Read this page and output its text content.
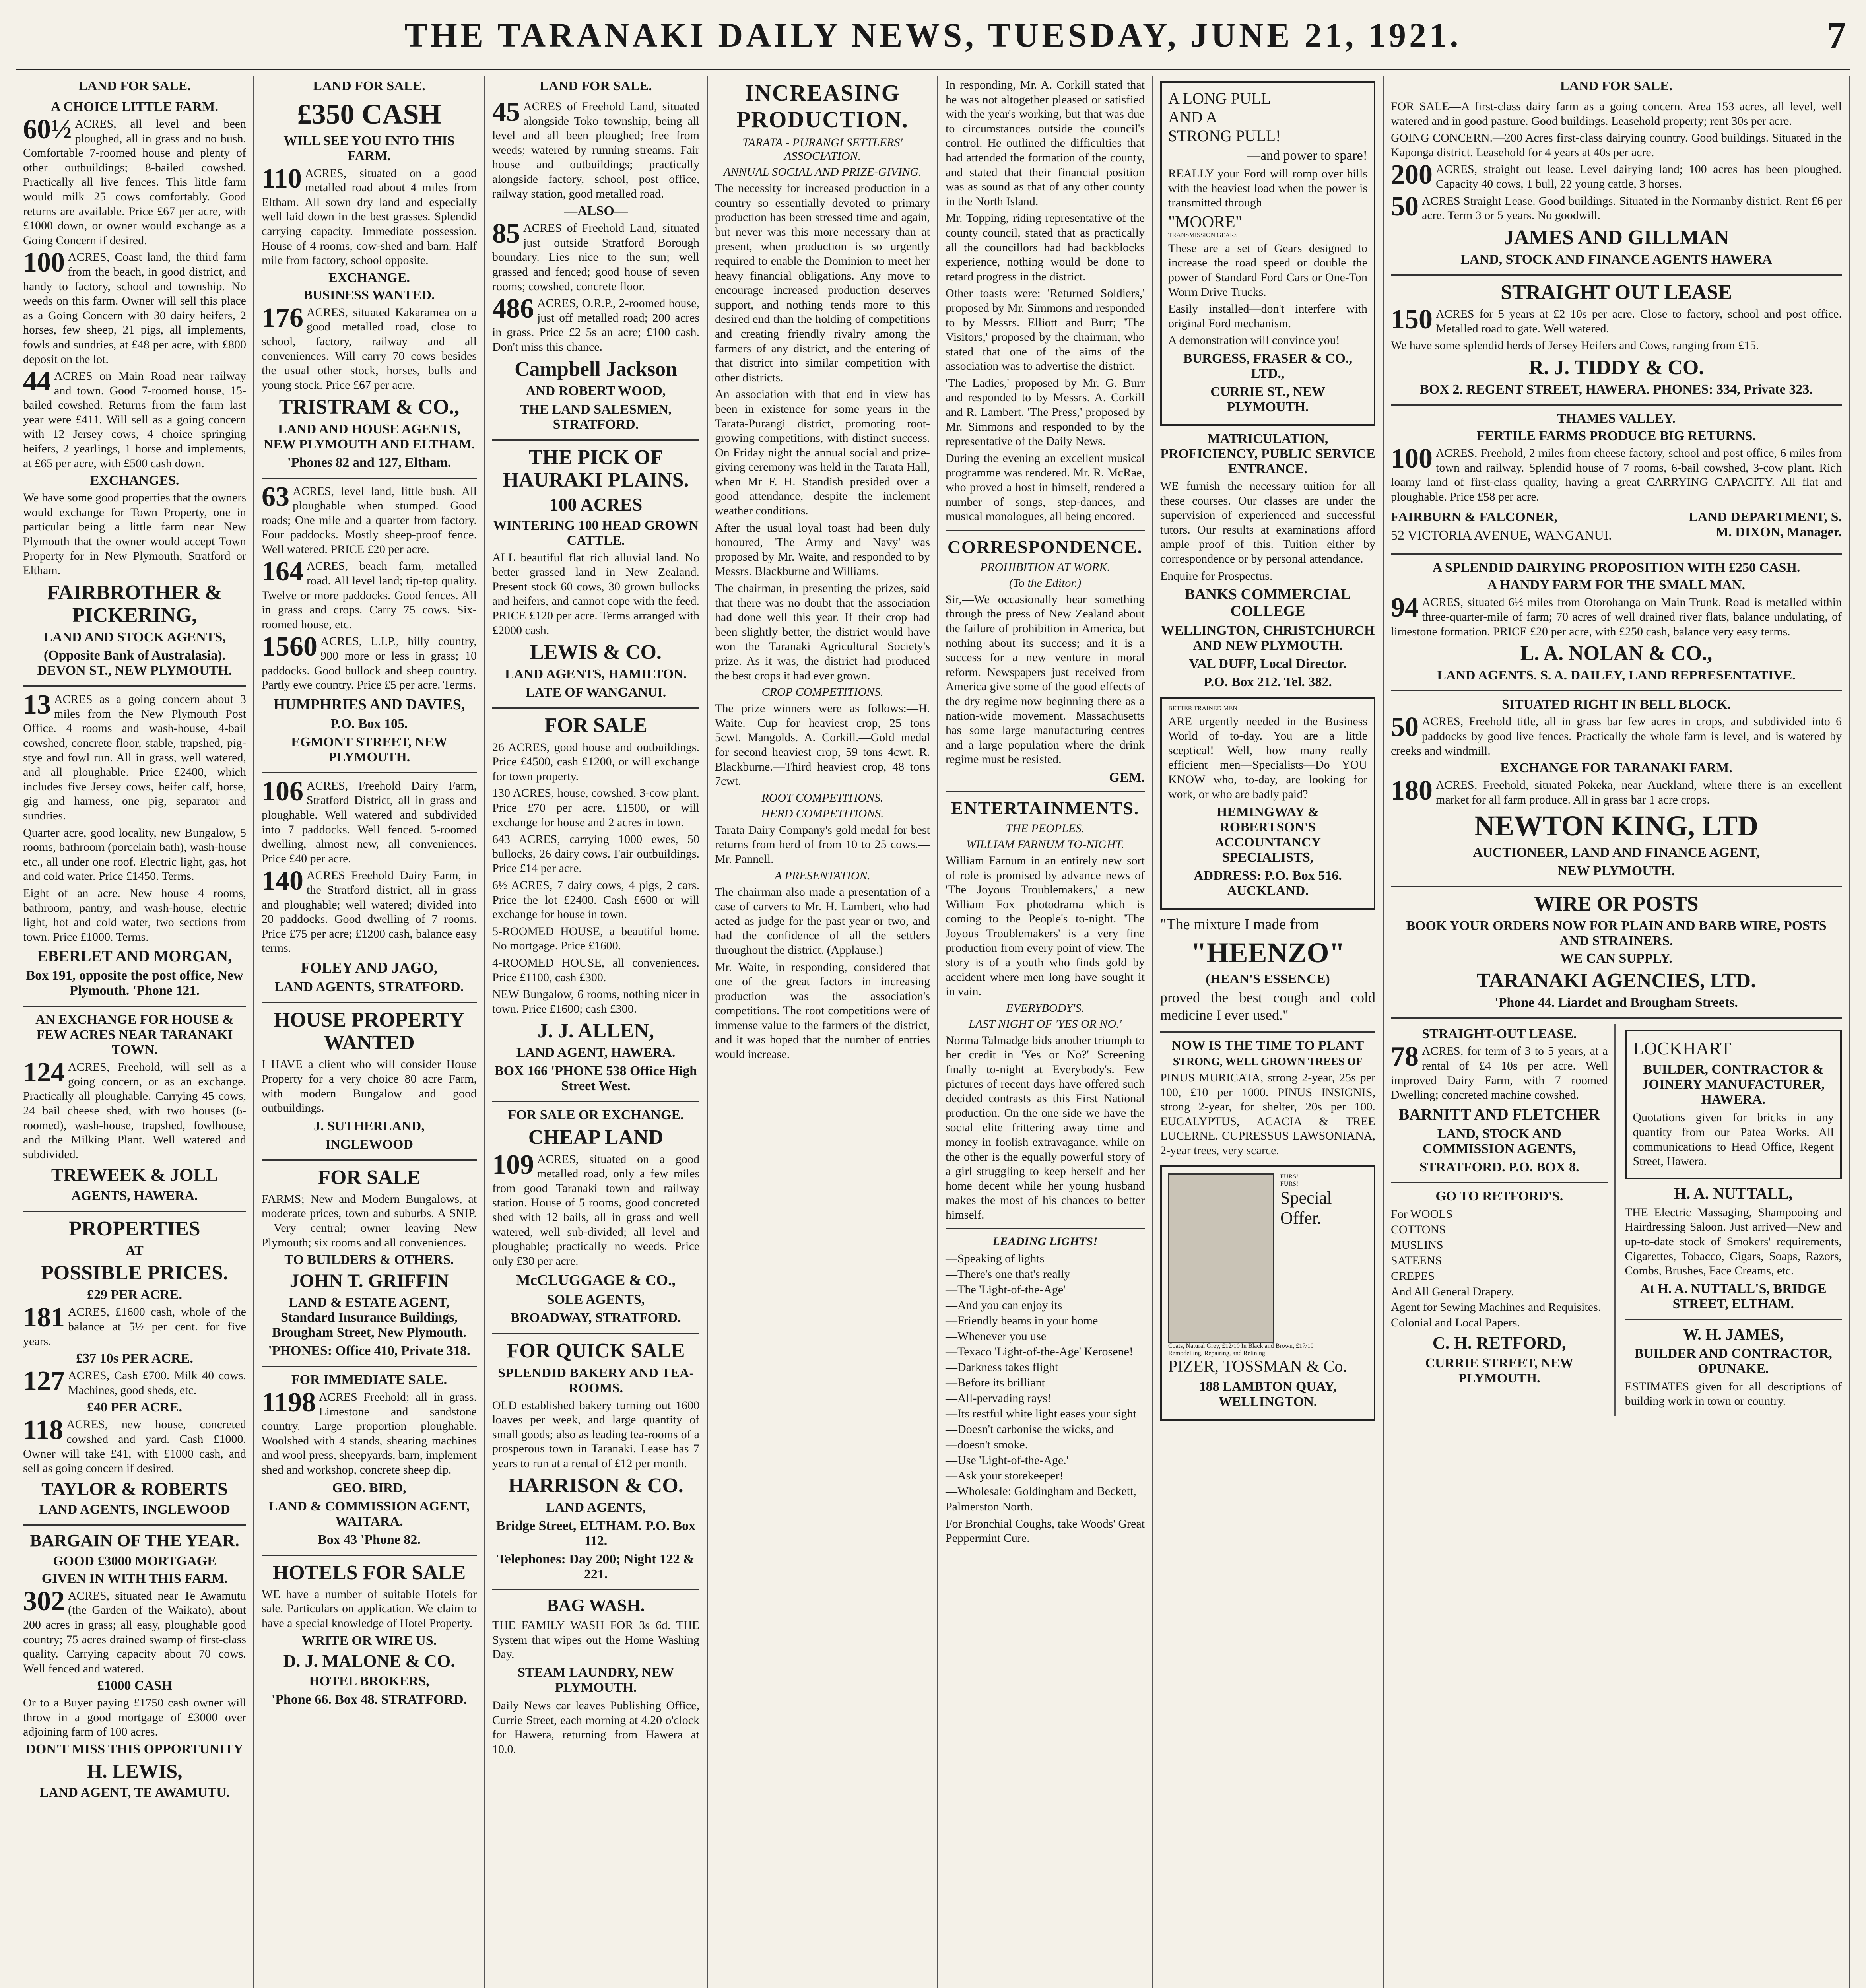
THE TARANAKI DAILY NEWS, TUESDAY, JUNE 21, 1921.	7
LAND FOR SALE.
A CHOICE LITTLE FARM.
60½ ACRES, all level and been ploughed, all in grass and no bush. Comfortable 7-roomed house and plenty of other outbuildings; 8-bailed cowshed. Practically all live fences. This little farm would milk 25 cows comfortably. Good returns are available. Price £67 per acre, with £1000 down, or owner would exchange as a Going Concern if desired.
100 ACRES, Coast land, the third farm from the beach, in good district, and handy to factory, school and township. No weeds on this farm. Owner will sell this place as a Going Concern with 30 dairy heifers, 2 horses, few sheep, 21 pigs, all implements, fowls and sundries, at £48 per acre, with £800 deposit on the lot.
44 ACRES on Main Road near railway and town. Good 7-roomed house, 15-bailed cowshed. Returns from the farm last year were £411. Will sell as a going concern with 12 Jersey cows, 4 choice springing heifers, 2 yearlings, 1 horse and implements, at £65 per acre, with £500 cash down.
EXCHANGES.
We have some good properties that the owners would exchange for Town Property, one in particular being a little farm near New Plymouth that the owner would accept Town Property for in New Plymouth, Stratford or Eltham.
FAIRBROTHER & PICKERING,
LAND AND STOCK AGENTS,
(Opposite Bank of Australasia). DEVON ST., NEW PLYMOUTH.
13 ACRES as a going concern about 3 miles from the New Plymouth Post Office. 4 rooms and wash-house, 4-bail cowshed, concrete floor, stable, trapshed, pig-stye and fowl run. All in grass, well watered, and all ploughable. Price £2400, which includes five Jersey cows, heifer calf, horse, gig and harness, one pig, separator and sundries.
Quarter acre, good locality, new Bungalow, 5 rooms, bathroom (porcelain bath), wash-house etc., all under one roof. Electric light, gas, hot and cold water. Price £1450. Terms.
Eight of an acre. New house 4 rooms, bathroom, pantry, and wash-house, electric light, hot and cold water, two sections from town. Price £1000. Terms.
EBERLET AND MORGAN,
Box 191, opposite the post office, New Plymouth. 'Phone 121.
AN EXCHANGE FOR HOUSE & FEW ACRES NEAR TARANAKI TOWN.
124 ACRES, Freehold, will sell as a going concern, or as an exchange. Practically all ploughable. Carrying 45 cows, 24 bail cheese shed, with two houses (6-roomed), wash-house, trapshed, fowlhouse, and the Milking Plant. Well watered and subdivided.
TREWEEK & JOLL
AGENTS, HAWERA.
PROPERTIES
AT
POSSIBLE PRICES.
£29 PER ACRE.
181 ACRES, £1600 cash, whole of the balance at 5½ per cent. for five years.
£37 10s PER ACRE.
127 ACRES, Cash £700. Milk 40 cows. Machines, good sheds, etc.
£40 PER ACRE.
118 ACRES, new house, concreted cowshed and yard. Cash £1000. Owner will take £41, with £1000 cash, and sell as going concern if desired.
TAYLOR & ROBERTS
LAND AGENTS, INGLEWOOD
BARGAIN OF THE YEAR.
GOOD £3000 MORTGAGE
GIVEN IN WITH THIS FARM.
302 ACRES, situated near Te Awamutu (the Garden of the Waikato), about 200 acres in grass; all easy, ploughable good country; 75 acres drained swamp of first-class quality. Carrying capacity about 70 cows. Well fenced and watered.
£1000 CASH
Or to a Buyer paying £1750 cash owner will throw in a good mortgage of £3000 over adjoining farm of 100 acres.
DON'T MISS THIS OPPORTUNITY
H. LEWIS,
LAND AGENT, TE AWAMUTU.
LAND FOR SALE.
£350 CASH
WILL SEE YOU INTO THIS FARM.
110 ACRES, situated on a good metalled road about 4 miles from Eltham. All sown dry land and especially well laid down in the best grasses. Splendid carrying capacity. Immediate possession. House of 4 rooms, cow-shed and barn. Half mile from factory, school opposite.
EXCHANGE.
BUSINESS WANTED.
176 ACRES, situated Kakaramea on a good metalled road, close to school, factory, railway and all conveniences. Will carry 70 cows besides the usual other stock, horses, bulls and young stock. Price £67 per acre.
TRISTRAM & CO.,
LAND AND HOUSE AGENTS, NEW PLYMOUTH AND ELTHAM.
'Phones 82 and 127, Eltham.
63 ACRES, level land, little bush. All ploughable when stumped. Good roads; One mile and a quarter from factory. Four paddocks. Mostly sheep-proof fence. Well watered. PRICE £20 per acre.
164 ACRES, beach farm, metalled road. All level land; tip-top quality. Twelve or more paddocks. Good fences. All in grass and crops. Carry 75 cows. Six-roomed house, etc.
1560 ACRES, L.I.P., hilly country, 900 more or less in grass; 10 paddocks. Good bullock and sheep country. Partly ewe country. Price £5 per acre. Terms.
HUMPHRIES AND DAVIES,
P.O. Box 105.
EGMONT STREET, NEW PLYMOUTH.
106 ACRES, Freehold Dairy Farm, Stratford District, all in grass and ploughable. Well watered and subdivided into 7 paddocks. Well fenced. 5-roomed dwelling, almost new, all conveniences. Price £40 per acre.
140 ACRES Freehold Dairy Farm, in the Stratford district, all in grass and ploughable; well watered; divided into 20 paddocks. Good dwelling of 7 rooms. Price £75 per acre; £1200 cash, balance easy terms.
FOLEY AND JAGO,
LAND AGENTS, STRATFORD.
HOUSE PROPERTY WANTED
I HAVE a client who will consider House Property for a very choice 80 acre Farm, with modern Bungalow and good outbuildings.
J. SUTHERLAND,
INGLEWOOD
FOR SALE
FARMS; New and Modern Bungalows, at moderate prices, town and suburbs. A SNIP.—Very central; owner leaving New Plymouth; six rooms and all conveniences.
TO BUILDERS & OTHERS.
JOHN T. GRIFFIN
LAND & ESTATE AGENT, Standard Insurance Buildings, Brougham Street, New Plymouth.
'PHONES: Office 410, Private 318.
FOR IMMEDIATE SALE.
1198 ACRES Freehold; all in grass. Limestone and sandstone country. Large proportion ploughable. Woolshed with 4 stands, shearing machines and wool press, sheepyards, barn, implement shed and workshop, concrete sheep dip.
GEO. BIRD,
LAND & COMMISSION AGENT, WAITARA.
Box 43 'Phone 82.
HOTELS FOR SALE
WE have a number of suitable Hotels for sale. Particulars on application. We claim to have a special knowledge of Hotel Property.
WRITE OR WIRE US.
D. J. MALONE & CO.
HOTEL BROKERS,
'Phone 66. Box 48. STRATFORD.
LAND FOR SALE.
45 ACRES of Freehold Land, situated alongside Toko township, being all level and all been ploughed; free from weeds; watered by running streams. Fair house and outbuildings; practically alongside factory, school, post office, railway station, good metalled road.
—ALSO—
85 ACRES of Freehold Land, situated just outside Stratford Borough boundary. Lies nice to the sun; well grassed and fenced; good house of seven rooms; cowshed, concrete floor.
486 ACRES, O.R.P., 2-roomed house, just off metalled road; 200 acres in grass. Price £2 5s an acre; £100 cash. Don't miss this chance.
Campbell Jackson
AND ROBERT WOOD,
THE LAND SALESMEN, STRATFORD.
THE PICK OF HAURAKI PLAINS.
100 ACRES
WINTERING 100 HEAD GROWN CATTLE.
ALL beautiful flat rich alluvial land. No better grassed land in New Zealand. Present stock 60 cows, 30 grown bullocks and heifers, and cannot cope with the feed. PRICE £120 per acre. Terms arranged with £2000 cash.
LEWIS & CO.
LAND AGENTS, HAMILTON.
LATE OF WANGANUI.
FOR SALE
26 ACRES, good house and outbuildings. Price £4500, cash £1200, or will exchange for town property.
130 ACRES, house, cowshed, 3-cow plant. Price £70 per acre, £1500, or will exchange for house and 2 acres in town.
643 ACRES, carrying 1000 ewes, 50 bullocks, 26 dairy cows. Fair outbuildings. Price £14 per acre.
6½ ACRES, 7 dairy cows, 4 pigs, 2 cars. Price the lot £2400. Cash £600 or will exchange for house in town.
5-ROOMED HOUSE, a beautiful home. No mortgage. Price £1600.
4-ROOMED HOUSE, all conveniences. Price £1100, cash £300.
NEW Bungalow, 6 rooms, nothing nicer in town. Price £1600; cash £300.
J. J. ALLEN,
LAND AGENT, HAWERA.
BOX 166 'PHONE 538 Office High Street West.
FOR SALE OR EXCHANGE.
CHEAP LAND
109 ACRES, situated on a good metalled road, only a few miles from good Taranaki town and railway station. House of 5 rooms, good concreted shed with 12 bails, all in grass and well watered, well sub-divided; all level and ploughable; practically no weeds. Price only £30 per acre.
McCLUGGAGE & CO.,
SOLE AGENTS,
BROADWAY, STRATFORD.
FOR QUICK SALE
SPLENDID BAKERY AND TEA-ROOMS.
OLD established bakery turning out 1600 loaves per week, and large quantity of small goods; also as leading tea-rooms of a prosperous town in Taranaki. Lease has 7 years to run at a rental of £12 per month.
HARRISON & CO.
LAND AGENTS,
Bridge Street, ELTHAM. P.O. Box 112.
Telephones: Day 200; Night 122 & 221.
BAG WASH.
THE FAMILY WASH FOR 3s 6d. THE System that wipes out the Home Washing Day.
STEAM LAUNDRY, NEW PLYMOUTH.
Daily News car leaves Publishing Office, Currie Street, each morning at 4.20 o'clock for Hawera, returning from Hawera at 10.0.
INCREASING PRODUCTION.
TARATA - PURANGI SETTLERS' ASSOCIATION.
ANNUAL SOCIAL AND PRIZE-GIVING.
The necessity for increased production in a country so essentially devoted to primary production has been stressed time and again, but never was this more necessary than at present, when production is so urgently required to enable the Dominion to meet her heavy financial obligations. Any move to encourage increased production deserves support, and nothing tends more to this desired end than the holding of competitions and creating friendly rivalry among the farmers of any district, and the entering of that district into similar competition with other districts.
An association with that end in view has been in existence for some years in the Tarata-Purangi district, promoting root-growing competitions, with distinct success. On Friday night the annual social and prize-giving ceremony was held in the Tarata Hall, when Mr F. H. Standish presided over a good attendance, despite the inclement weather conditions.
After the usual loyal toast had been duly honoured, 'The Army and Navy' was proposed by Mr. Waite, and responded to by Messrs. Blackburne and Williams.
The chairman, in presenting the prizes, said that there was no doubt that the association had done well this year. If their crop had been slightly better, the district would have won the Taranaki Agricultural Society's prize. As it was, the district had produced the best crops it had ever grown.
CROP COMPETITIONS.
The prize winners were as follows:—H. Waite.—Cup for heaviest crop, 25 tons 5cwt. Mangolds. A. Corkill.—Gold medal for second heaviest crop, 59 tons 4cwt. R. Blackburne.—Third heaviest crop, 48 tons 7cwt.
ROOT COMPETITIONS.
HERD COMPETITIONS.
Tarata Dairy Company's gold medal for best returns from herd of from 10 to 25 cows.—Mr. Pannell.
A PRESENTATION.
The chairman also made a presentation of a case of carvers to Mr. H. Lambert, who had acted as judge for the past year or two, and had the confidence of all the settlers throughout the district. (Applause.)
Mr. Waite, in responding, considered that one of the great factors in increasing production was the association's competitions. The root competitions were of immense value to the farmers of the district, and it was hoped that the number of entries would increase.
In responding, Mr. A. Corkill stated that he was not altogether pleased or satisfied with the year's working, but that was due to circumstances outside the council's control. He outlined the difficulties that had attended the formation of the county, and stated that their financial position was as sound as that of any other county in the North Island.
Mr. Topping, riding representative of the county council, stated that as practically all the councillors had had backblocks experience, nothing would be done to retard progress in the district.
Other toasts were: 'Returned Soldiers,' proposed by Mr. Simmons and responded to by Messrs. Elliott and Burr; 'The Visitors,' proposed by the chairman, who stated that one of the aims of the association was to advertise the district.
'The Ladies,' proposed by Mr. G. Burr and responded to by Messrs. A. Corkill and R. Lambert. 'The Press,' proposed by Mr. Simmons and responded to by the representative of the Daily News.
During the evening an excellent musical programme was rendered. Mr. R. McRae, who proved a host in himself, rendered a number of songs, step-dances, and musical monologues, all being encored.
CORRESPONDENCE.
PROHIBITION AT WORK.
(To the Editor.)
Sir,—We occasionally hear something through the press of New Zealand about the failure of prohibition in America, but nothing about its success; and it is a success for a new venture in moral reform. Newspapers just received from America give some of the good effects of the dry regime now beginning there as a nation-wide movement. Massachusetts has some large manufacturing centres and a large population where the drink regime must be resisted.
GEM.
ENTERTAINMENTS.
THE PEOPLES.
WILLIAM FARNUM TO-NIGHT.
William Farnum in an entirely new sort of role is promised by advance news of 'The Joyous Troublemakers,' a new William Fox photodrama which is coming to the People's to-night. 'The Joyous Troublemakers' is a very fine production from every point of view. The story is of a youth who finds gold by accident where men long have sought it in vain.
EVERYBODY'S.
LAST NIGHT OF 'YES OR NO.'
Norma Talmadge bids another triumph to her credit in 'Yes or No?' Screening finally to-night at Everybody's. Few pictures of recent days have offered such decided contrasts as this First National production. On the one side we have the social elite frittering away time and money in foolish extravagance, while on the other is the equally powerful story of a girl struggling to keep herself and her home decent while her young husband makes the most of his chances to better himself.
LEADING LIGHTS!
—Speaking of lights
—There's one that's really
—The 'Light-of-the-Age'
—And you can enjoy its
—Friendly beams in your home
—Whenever you use
—Texaco 'Light-of-the-Age' Kerosene!
—Darkness takes flight
—Before its brilliant
—All-pervading rays!
—Its restful white light eases your sight
—Doesn't carbonise the wicks, and
—doesn't smoke.
—Use 'Light-of-the-Age.'
—Ask your storekeeper!
—Wholesale: Goldingham and Beckett, Palmerston North.
For Bronchial Coughs, take Woods' Great Peppermint Cure.
A LONG PULL
AND A
STRONG PULL!
—and power to spare!
REALLY your Ford will romp over hills with the heaviest load when the power is transmitted through
"MOORE"
TRANSMISSION GEARS
These are a set of Gears designed to increase the road speed or double the power of Standard Ford Cars or One-Ton Worm Drive Trucks.
Easily installed—don't interfere with original Ford mechanism.
A demonstration will convince you!
BURGESS, FRASER & CO., LTD.,
CURRIE ST., NEW PLYMOUTH.
MATRICULATION, PROFICIENCY, PUBLIC SERVICE ENTRANCE.
WE furnish the necessary tuition for all these courses. Our classes are under the supervision of experienced and successful tutors. Our results at examinations afford ample proof of this. Tuition either by correspondence or by personal attendance.
Enquire for Prospectus.
BANKS COMMERCIAL COLLEGE
WELLINGTON, CHRISTCHURCH AND NEW PLYMOUTH.
VAL DUFF, Local Director.
P.O. Box 212. Tel. 382.
BETTER TRAINED MEN
ARE urgently needed in the Business World of to-day. You are a little sceptical! Well, how many really efficient men—Specialists—Do YOU KNOW who, to-day, are looking for work, or who are badly paid?
HEMINGWAY & ROBERTSON'S ACCOUNTANCY SPECIALISTS,
ADDRESS: P.O. Box 516. AUCKLAND.
"The mixture I made from
"HEENZO"
(HEAN'S ESSENCE)
proved the best cough and cold medicine I ever used."
NOW IS THE TIME TO PLANT
STRONG, WELL GROWN TREES OF
PINUS MURICATA, strong 2-year, 25s per 100, £10 per 1000. PINUS INSIGNIS, strong 2-year, for shelter, 20s per 100. EUCALYPTUS, ACACIA & TREE LUCERNE. CUPRESSUS LAWSONIANA, 2-year trees, very scarce.
FURS!
FURS!
Special Offer.
Coats, Natural Grey, £12/10 In Black and Brown, £17/10
Remodelling, Repairing, and Relining.
PIZER, TOSSMAN & Co.
188 LAMBTON QUAY, WELLINGTON.
LAND FOR SALE.
FOR SALE—A first-class dairy farm as a going concern. Area 153 acres, all level, well watered and in good pasture. Good buildings. Leasehold property; rent 30s per acre.
GOING CONCERN.—200 Acres first-class dairying country. Good buildings. Situated in the Kaponga district. Leasehold for 4 years at 40s per acre.
200 ACRES, straight out lease. Level dairying land; 100 acres has been ploughed. Capacity 40 cows, 1 bull, 22 young cattle, 3 horses.
50 ACRES Straight Lease. Good buildings. Situated in the Normanby district. Rent £6 per acre. Term 3 or 5 years. No goodwill.
JAMES AND GILLMAN
LAND, STOCK AND FINANCE AGENTS HAWERA
STRAIGHT OUT LEASE
150 ACRES for 5 years at £2 10s per acre. Close to factory, school and post office. Metalled road to gate. Well watered.
We have some splendid herds of Jersey Heifers and Cows, ranging from £15.
R. J. TIDDY & CO.
BOX 2. REGENT STREET, HAWERA. PHONES: 334, Private 323.
THAMES VALLEY.
FERTILE FARMS PRODUCE BIG RETURNS.
100 ACRES, Freehold, 2 miles from cheese factory, school and post office, 6 miles from town and railway. Splendid house of 7 rooms, 6-bail cowshed, 3-cow plant. Rich loamy land of first-class quality, having a great CARRYING CAPACITY. All flat and ploughable. Price £58 per acre.
FAIRBURN & FALCONER,
52 VICTORIA AVENUE, WANGANUI.
LAND DEPARTMENT, S. M. DIXON, Manager.
A SPLENDID DAIRYING PROPOSITION WITH £250 CASH.
A HANDY FARM FOR THE SMALL MAN.
94 ACRES, situated 6½ miles from Otorohanga on Main Trunk. Road is metalled within three-quarter-mile of farm; 70 acres of well drained river flats, balance undulating, of limestone formation. PRICE £20 per acre, with £250 cash, balance very easy terms.
L. A. NOLAN & CO.,
LAND AGENTS. S. A. DAILEY, LAND REPRESENTATIVE.
SITUATED RIGHT IN BELL BLOCK.
50 ACRES, Freehold title, all in grass bar few acres in crops, and subdivided into 6 paddocks by good live fences. Practically the whole farm is level, and is watered by creeks and windmill.
EXCHANGE FOR TARANAKI FARM.
180 ACRES, Freehold, situated Pokeka, near Auckland, where there is an excellent market for all farm produce. All in grass bar 1 acre crops.
NEWTON KING, LTD
AUCTIONEER, LAND AND FINANCE AGENT,
NEW PLYMOUTH.
WIRE OR POSTS
BOOK YOUR ORDERS NOW FOR PLAIN AND BARB WIRE, POSTS AND STRAINERS.
WE CAN SUPPLY.
TARANAKI AGENCIES, LTD.
'Phone 44. Liardet and Brougham Streets.
STRAIGHT-OUT LEASE.
78 ACRES, for term of 3 to 5 years, at a rental of £4 10s per acre. Well improved Dairy Farm, with 7 roomed Dwelling; concreted machine cowshed.
BARNITT AND FLETCHER
LAND, STOCK AND COMMISSION AGENTS,
STRATFORD. P.O. BOX 8.
GO TO RETFORD'S.
For WOOLS
COTTONS
MUSLINS
SATEENS
CREPES
And All General Drapery.
Agent for Sewing Machines and Requisites.
Colonial and Local Papers.
C. H. RETFORD,
CURRIE STREET, NEW PLYMOUTH.
LOCKHART
BUILDER, CONTRACTOR & JOINERY MANUFACTURER, HAWERA.
Quotations given for bricks in any quantity from our Patea Works. All communications to Head Office, Regent Street, Hawera.
H. A. NUTTALL,
THE Electric Massaging, Shampooing and Hairdressing Saloon. Just arrived—New and up-to-date stock of Smokers' requirements, Cigarettes, Tobacco, Cigars, Soaps, Razors, Combs, Brushes, Face Creams, etc.
At H. A. NUTTALL'S, BRIDGE STREET, ELTHAM.
W. H. JAMES,
BUILDER AND CONTRACTOR, OPUNAKE.
ESTIMATES given for all descriptions of building work in town or country.
